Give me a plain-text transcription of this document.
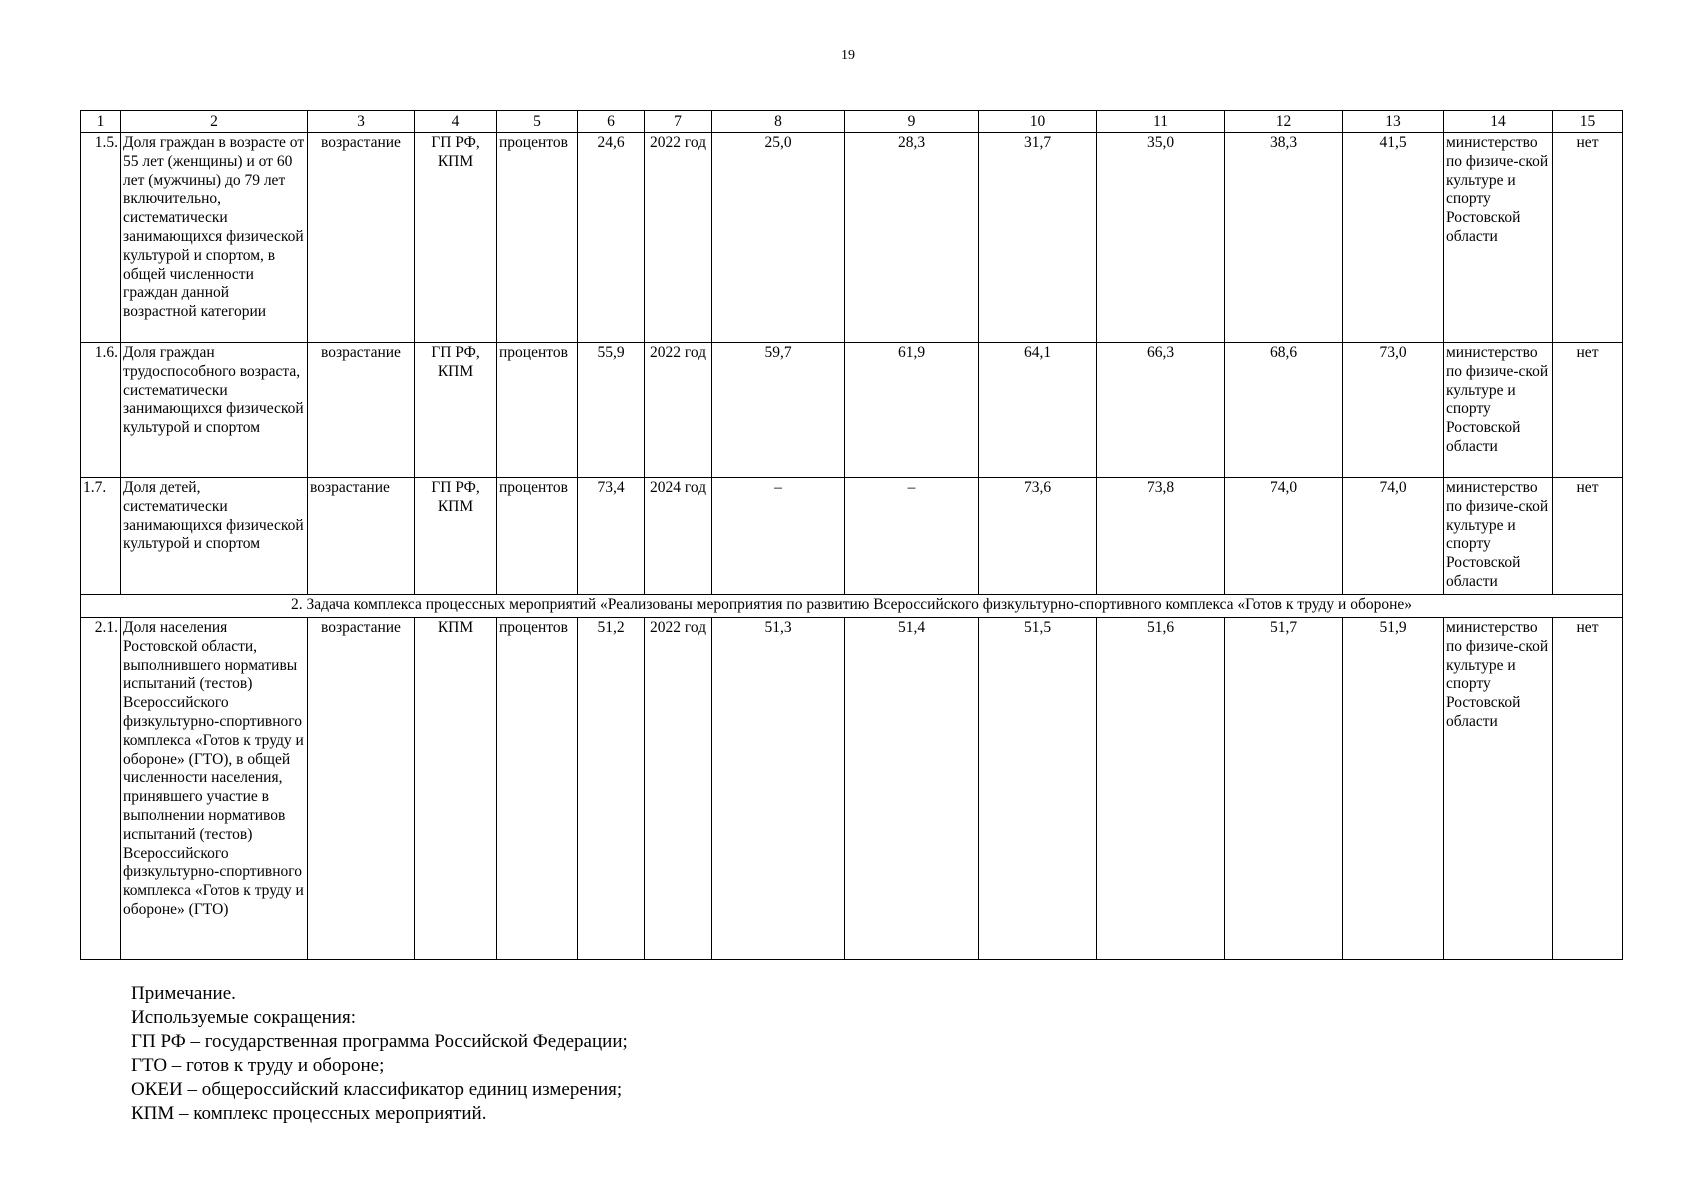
19
1	2	3	4	5	6	7	8	9	10	11	12	13	14	15
1.5.	Доля граждан в возрасте от 55 лет (женщины) и от 60 лет (мужчины) до 79 лет включительно, систематически занимающихся физической культурой и спортом, в общей численности граждан данной возрастной категории	возрастание	ГП РФ, КПМ	процентов	24,6	2022 год	25,0	28,3	31,7	35,0	38,3	41,5	министерство по физиче-ской культуре и спорту Ростовской области	нет
1.6.	Доля граждан трудоспособного возраста, систематически занимающихся физической культурой и спортом	возрастание	ГП РФ, КПМ	процентов	55,9	2022 год	59,7	61,9	64,1	66,3	68,6	73,0	министерство по физиче-ской культуре и спорту Ростовской области	нет
1.7.	Доля детей, систематически занимающихся физической культурой и спортом	возрастание	ГП РФ, КПМ	процентов	73,4	2024 год	–	–	73,6	73,8	74,0	74,0	министерство по физиче-ской культуре и спорту Ростовской области	нет
2. Задача комплекса процессных мероприятий «Реализованы мероприятия по развитию Всероссийского физкультурно-спортивного комплекса «Готов к труду и обороне»														
2.1.	Доля населения Ростовской области, выполнившего нормативы испытаний (тестов) Всероссийского физкультурно-спортивного комплекса «Готов к труду и обороне» (ГТО), в общей численности населения, принявшего участие в выполнении нормативов испытаний (тестов) Всероссийского физкультурно-спортивного комплекса «Готов к труду и обороне» (ГТО)	возрастание	КПМ	процентов	51,2	2022 год	51,3	51,4	51,5	51,6	51,7	51,9	министерство по физиче-ской культуре и спорту Ростовской области	нет
Примечание.
Используемые сокращения:
ГП РФ – государственная программа Российской Федерации;
ГТО – готов к труду и обороне;
ОКЕИ – общероссийский классификатор единиц измерения;
КПМ – комплекс процессных мероприятий.
